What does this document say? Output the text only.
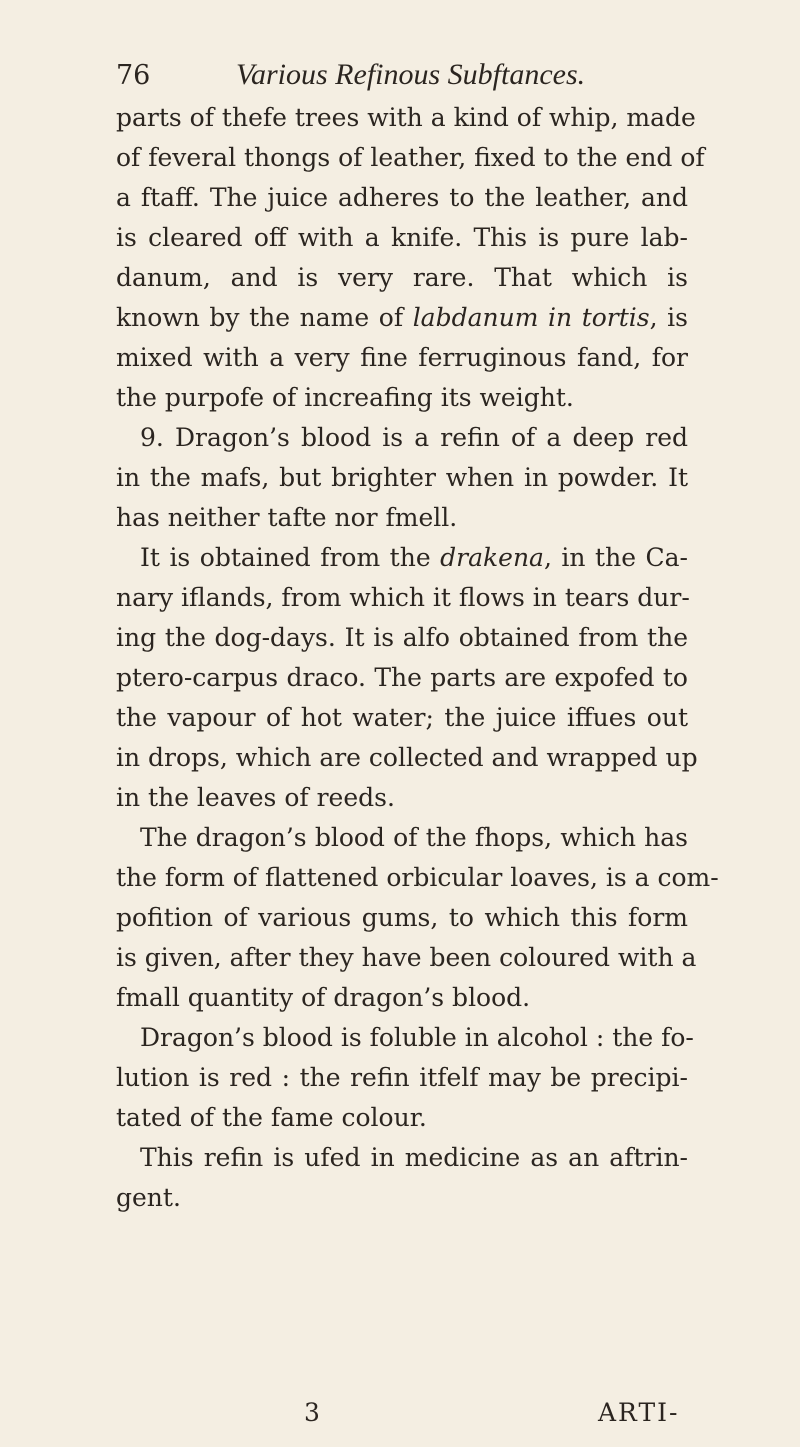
76	Various Refinous Subftances.
parts of thefe trees with a kind of whip, made
of feveral thongs of leather, fixed to the end of
a ftaff. The juice adheres to the leather, and
is cleared off with a knife. This is pure lab-
danum, and is very rare. That which is
known by the name of labdanum in tortis, is
mixed with a very fine ferruginous fand, for
the purpofe of increafing its weight.
9. Dragon’s blood is a refin of a deep red
in the mafs, but brighter when in powder. It
has neither tafte nor fmell.
It is obtained from the drakena, in the Ca-
nary iflands, from which it flows in tears dur-
ing the dog-days. It is alfo obtained from the
ptero-carpus draco. The parts are expofed to
the vapour of hot water; the juice iffues out
in drops, which are collected and wrapped up
in the leaves of reeds.
The dragon’s blood of the fhops, which has
the form of flattened orbicular loaves, is a com-
pofition of various gums, to which this form
is given, after they have been coloured with a
fmall quantity of dragon’s blood.
Dragon’s blood is foluble in alcohol : the fo-
lution is red : the refin itfelf may be precipi-
tated of the fame colour.
This refin is ufed in medicine as an aftrin-
gent.
3	ARTI-
